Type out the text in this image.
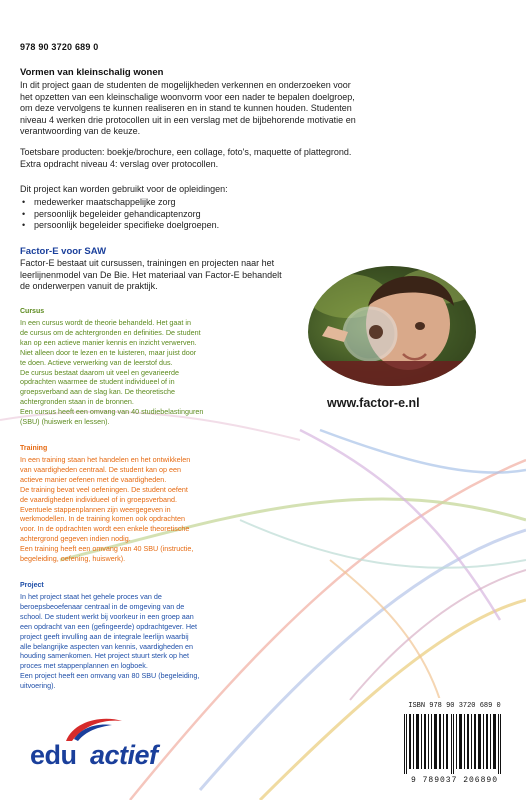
978 90 3720 689 0
Vormen van kleinschalig wonen
In dit project gaan de studenten de mogelijkheden verkennen en onderzoeken voor
het opzetten van een kleinschalige woonvorm voor een nader te bepalen doelgroep,
om deze vervolgens te kunnen realiseren en in stand te kunnen houden. Studenten
niveau 4 werken drie protocollen uit in een verslag met de bijbehorende motivatie en
verantwoording van de keuze.
Toetsbare producten: boekje/brochure, een collage, foto's, maquette of plattegrond.
Extra opdracht niveau 4: verslag over protocollen.
Dit project kan worden gebruikt voor de opleidingen:
• medewerker maatschappelijke zorg
• persoonlijk begeleider gehandicaptenzorg
• persoonlijk begeleider specifieke doelgroepen.
Factor-E voor SAW
Factor-E bestaat uit cursussen, trainingen en projecten naar het
leerlijnenmodel van De Bie. Het materiaal van Factor-E behandelt
de onderwerpen vanuit de praktijk.
Cursus
In een cursus wordt de theorie behandeld. Het gaat in
de cursus om de achtergronden en definities. De student
kan op een actieve manier kennis en inzicht verwerven.
Niet alleen door te lezen en te luisteren, maar juist door
te doen. Actieve verwerking van de leerstof dus.
De cursus bestaat daarom uit veel en gevarieerde
opdrachten waarmee de student individueel of in
groepsverband aan de slag kan. De theoretische
achtergronden staan in de bronnen.
Een cursus heeft een omvang van 40 studiebelastinguren
(SBU) (huiswerk en lessen).
Training
In een training staan het handelen en het ontwikkelen
van vaardigheden centraal. De student kan op een
actieve manier oefenen met de vaardigheden.
De training bevat veel oefeningen. De student oefent
de vaardigheden individueel of in groepsverband.
Eventuele stappenplannen zijn weergegeven in
werkmodellen. In de training komen ook opdrachten
voor. In de opdrachten wordt een enkele theoretische
achtergrond gegeven indien nodig.
Een training heeft een omvang van 40 SBU (instructie,
begeleiding, oefening, huiswerk).
Project
In het project staat het gehele proces van de
beroepsbeoefenaar centraal in de omgeving van de
school. De student werkt bij voorkeur in een groep aan
een opdracht van een (gefingeerde) opdrachtgever. Het
project geeft invulling aan de integrale leerlijn waarbij
alle belangrijke aspecten van kennis, vaardigheden en
houding samenkomen. Het project stuurt sterk op het
proces met stappenplannen en logboek.
Een project heeft een omvang van 80 SBU (begeleiding,
uitvoering).
www.factor-e.nl
ISBN 978 90 3720 689 0
9 789037 206890
edu actief
